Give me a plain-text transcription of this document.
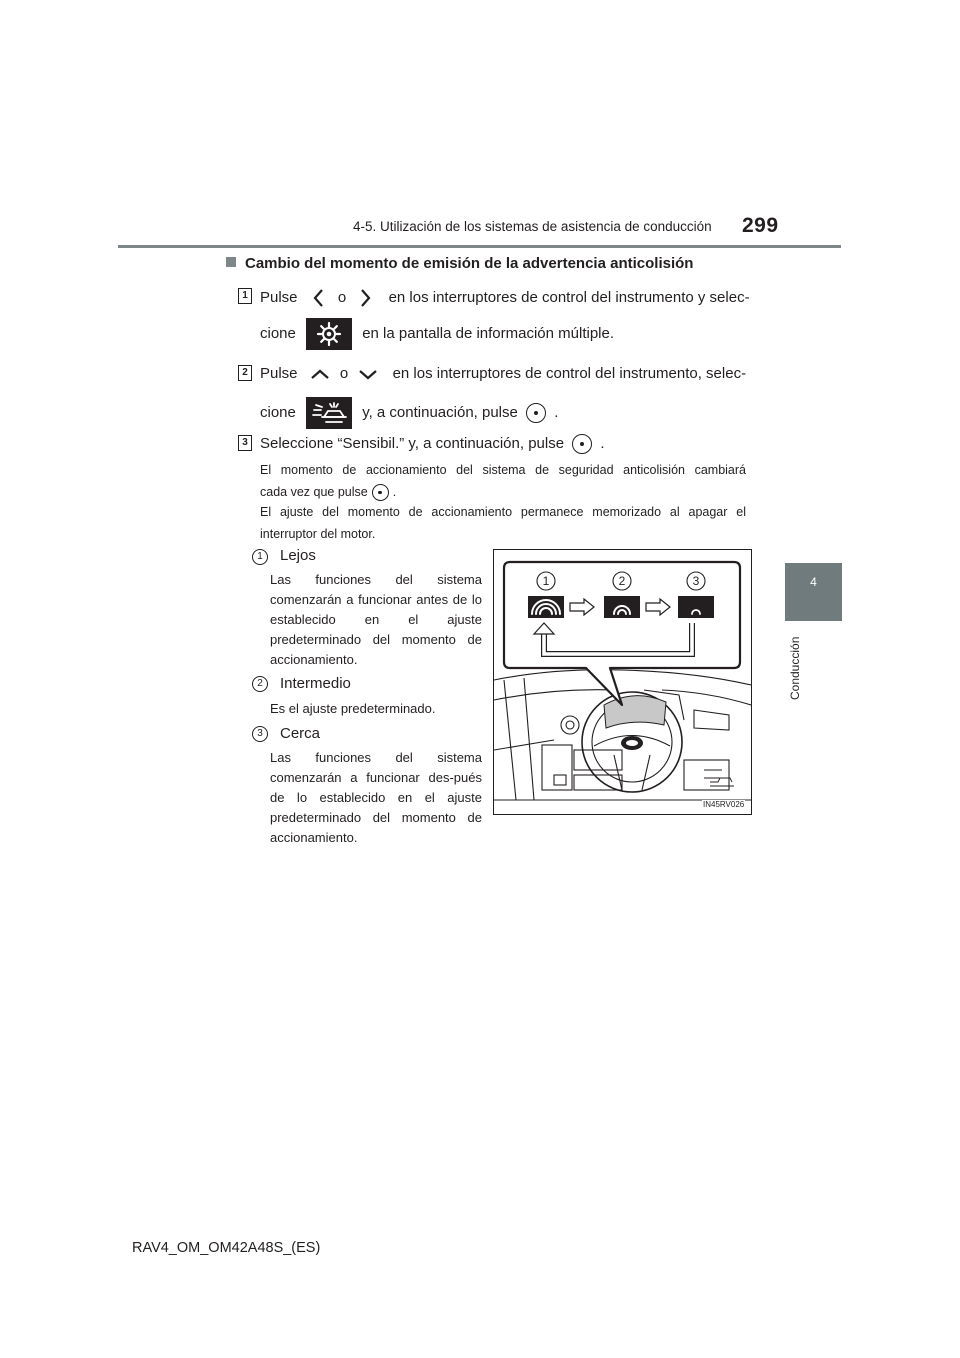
4-5. Utilización de los sistemas de asistencia de conducción 299
4
Conducción
Cambio del momento de emisión de la advertencia anticolisión
1 Pulse	o	en los interruptores de control del instrumento y selec-
cione	en la pantalla de información múltiple.
2 Pulse	o	en los interruptores de control del instrumento, selec-
cione	y, a continuación, pulse .
3 Seleccione “Sensibil.” y, a continuación, pulse .
El momento de accionamiento del sistema de seguridad anticolisión cambiará
cada vez que pulse .
El ajuste del momento de accionamiento permanece memorizado al apagar el
interruptor del motor.
1	Lejos
Las funciones del sistema comenzarán a funcionar antes de lo establecido en el ajuste predeterminado del momento de accionamiento.
2	Intermedio
Es el ajuste predeterminado.
3	Cerca
Las funciones del sistema comenzarán a funcionar des-pués de lo establecido en el ajuste predeterminado del momento de accionamiento.
1	2	3
IN45RV026
RAV4_OM_OM42A48S_(ES)
